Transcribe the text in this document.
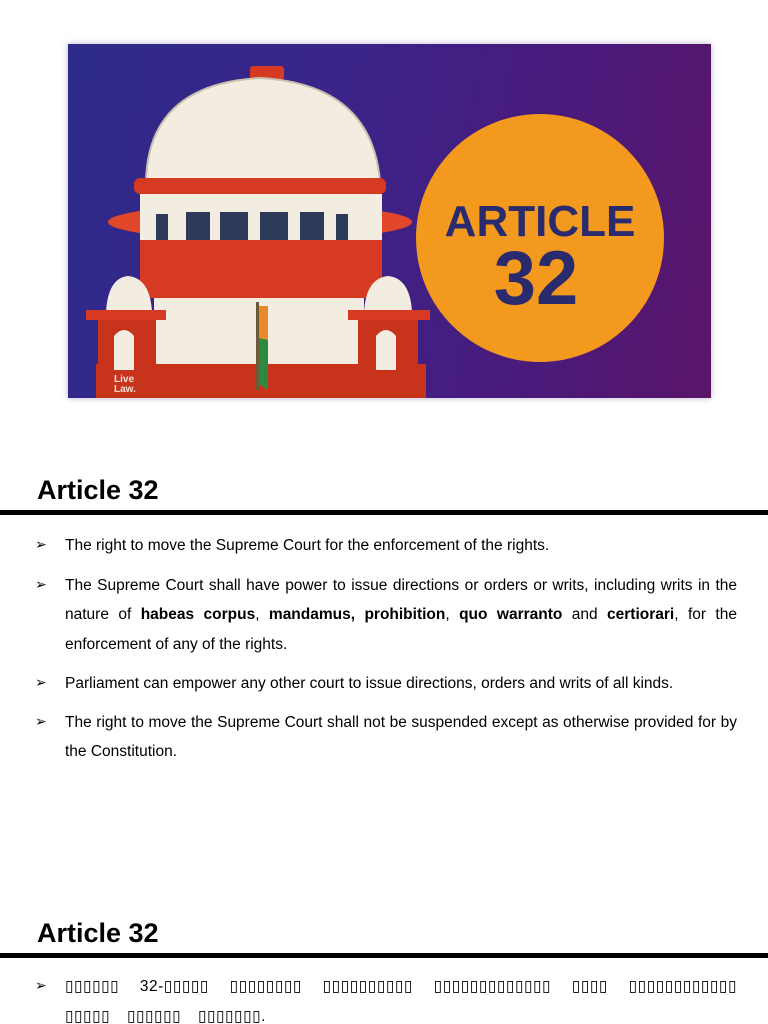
Live
Law.
ARTICLE
32
Article 32
➢ The right to move the Supreme Court for the enforcement of the rights.
➢ The Supreme Court shall have power to issue directions or orders or writs, including writs in the nature of habeas corpus, mandamus, prohibition, quo warranto and certiorari, for the enforcement of any of the rights.
➢ Parliament can empower any other court to issue directions, orders and writs of all kinds.
➢ The right to move the Supreme Court shall not be suspended except as otherwise provided for by the Constitution.
Article 32
➢ ▯▯▯▯▯▯ 32-▯▯▯▯▯ ▯▯▯▯▯▯▯▯ ▯▯▯▯▯▯▯▯▯▯ ▯▯▯▯▯▯▯▯▯▯▯▯▯ ▯▯▯▯ ▯▯▯▯▯▯▯▯▯▯▯▯ ▯▯▯▯▯ ▯▯▯▯▯▯ ▯▯▯▯▯▯▯.
